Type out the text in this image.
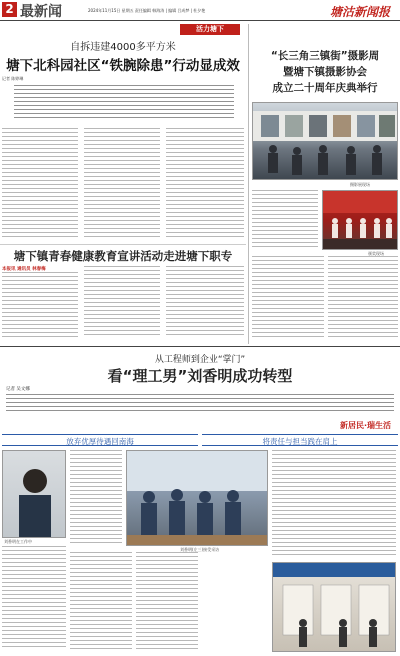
2 最新闻	2024年11月15日 星期五 责任编辑 韩海涛 | 编辑 吕成梦 | 杜夕艳	塘沽新闻报
活力塘下
自拆违建4000多平方米
塘下北科园社区“铁腕除患”行动显成效
记者 陈婷琳
“长三角三镇街”摄影周
暨塘下镇摄影协会
成立二十周年庆典举行
摄影展现场
颁奖现场
塘下镇青春健康教育宣讲活动走进塘下职专
本报讯 通讯员 林春梅
从工程师到企业“掌门”
看“理工男”刘香明成功转型
记者 吴文娜
新居民·瑞生活
放弃优厚待遇回南海	将责任与担当践在肩上
刘香明在工作中
刘香明(左三)接受采访
